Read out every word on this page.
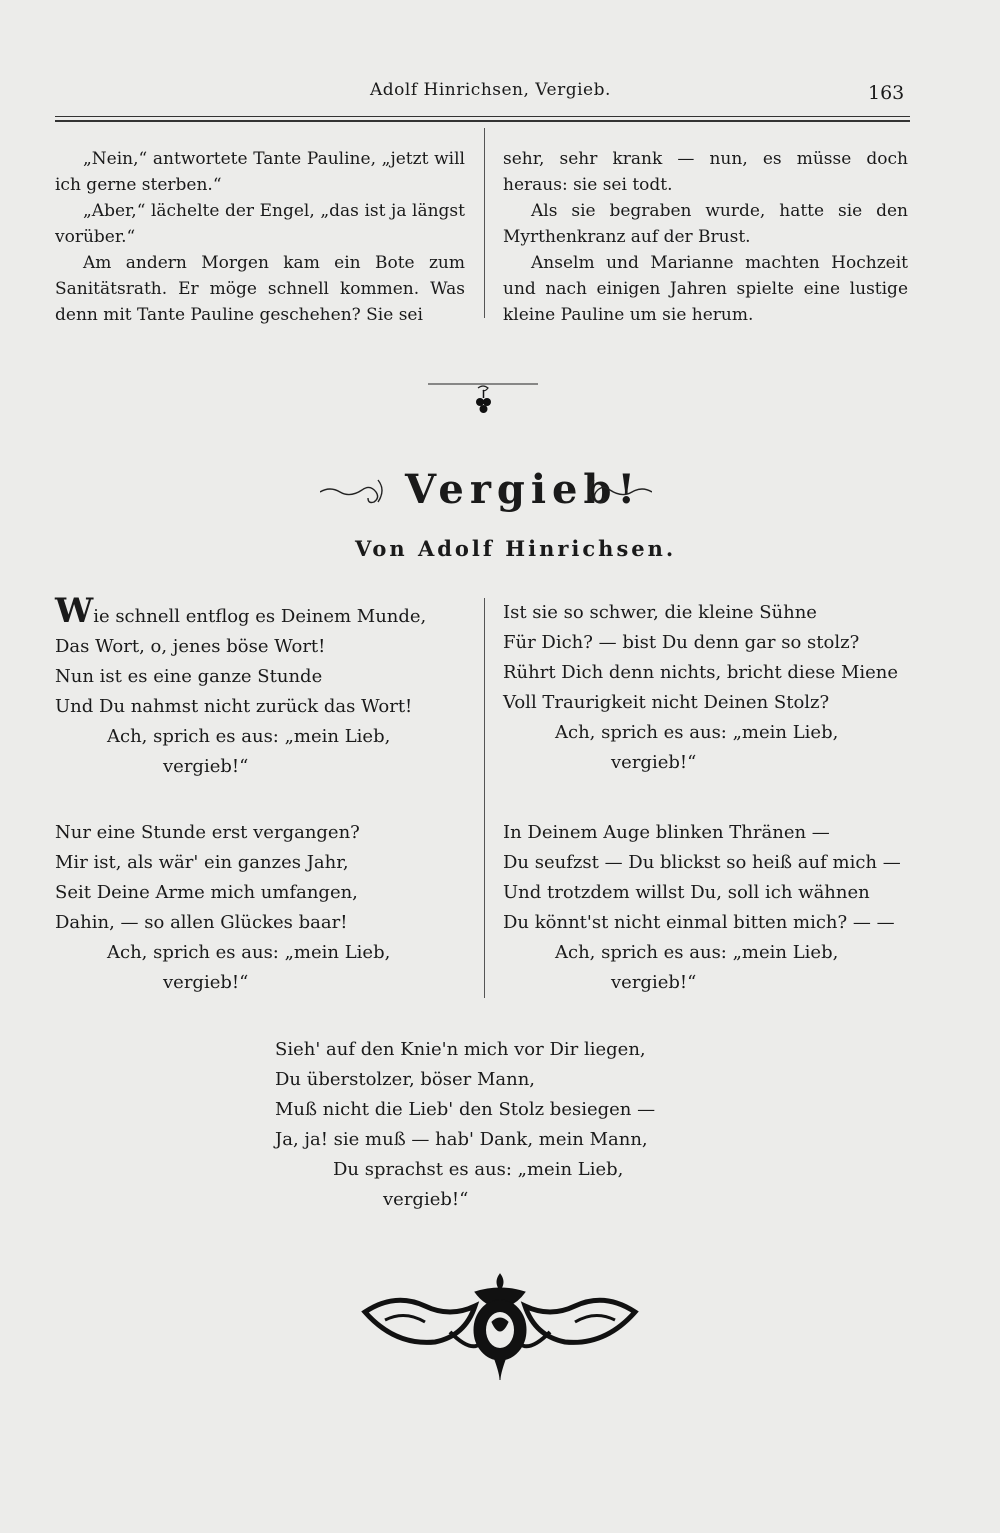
Adolf Hinrichsen, Vergieb.	163

„Nein,“ antwortete Tante Pauline, „jetzt will ich gerne sterben.“

„Aber,“ lächelte der Engel, „das ist ja längst vorüber.“

Am andern Morgen kam ein Bote zum Sanitätsrath. Er möge schnell kommen. Was denn mit Tante Pauline geschehen? Sie sei

sehr, sehr krank — nun, es müsse doch heraus: sie sei todt.

Als sie begraben wurde, hatte sie den Myrthenkranz auf der Brust.

Anselm und Marianne machten Hochzeit und nach einigen Jahren spielte eine lustige kleine Pauline um sie herum.

Vergieb!
Von Adolf Hinrichsen.
Wie schnell entflog es Deinem Munde,
Das Wort, o, jenes böse Wort!
Nun ist es eine ganze Stunde
Und Du nahmst nicht zurück das Wort!
Ach, sprich es aus: „mein Lieb,
vergieb!“
Ist sie so schwer, die kleine Sühne
Für Dich? — bist Du denn gar so stolz?
Rührt Dich denn nichts, bricht diese Miene
Voll Traurigkeit nicht Deinen Stolz?
Ach, sprich es aus: „mein Lieb,
vergieb!“
Nur eine Stunde erst vergangen?
Mir ist, als wär' ein ganzes Jahr,
Seit Deine Arme mich umfangen,
Dahin, — so allen Glückes baar!
Ach, sprich es aus: „mein Lieb,
vergieb!“
In Deinem Auge blinken Thränen —
Du seufzst — Du blickst so heiß auf mich —
Und trotzdem willst Du, soll ich wähnen
Du könnt'st nicht einmal bitten mich? — —
Ach, sprich es aus: „mein Lieb,
vergieb!“
Sieh' auf den Knie'n mich vor Dir liegen,
Du überstolzer, böser Mann,
Muß nicht die Lieb' den Stolz besiegen —
Ja, ja! sie muß — hab' Dank, mein Mann,
Du sprachst es aus: „mein Lieb,
vergieb!“
